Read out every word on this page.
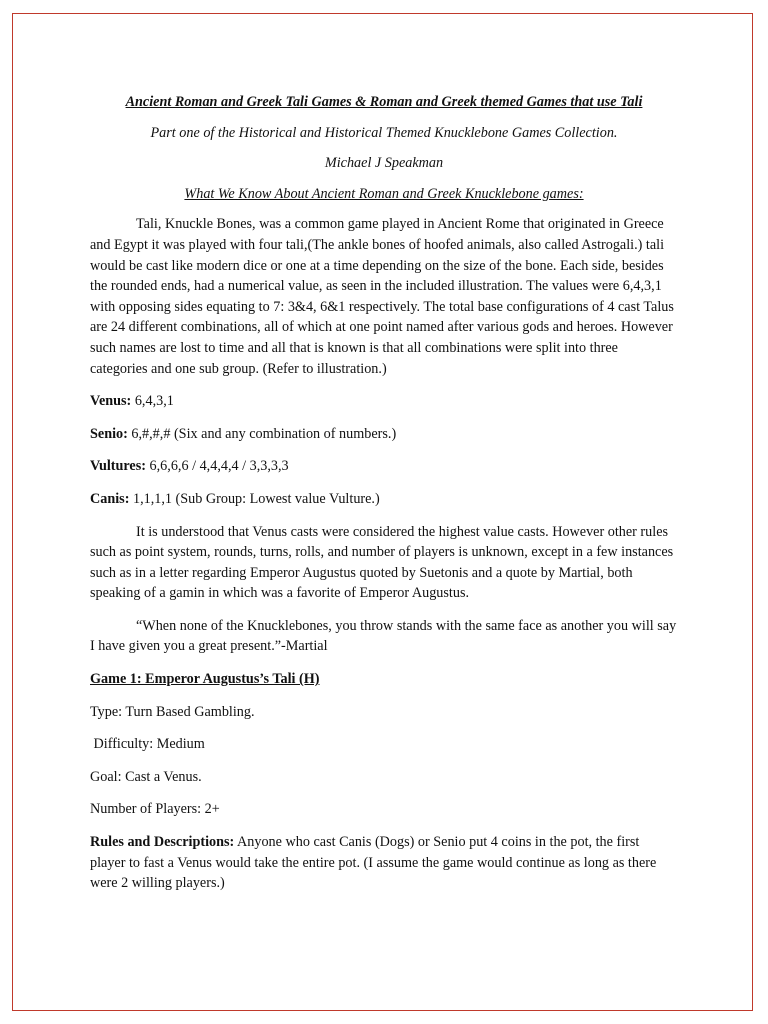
Ancient Roman and Greek Tali Games & Roman and Greek themed Games that use Tali

Part one of the Historical and Historical Themed Knucklebone Games Collection.

Michael J Speakman

What We Know About Ancient Roman and Greek Knucklebone games:

Tali, Knuckle Bones, was a common game played in Ancient Rome that originated in Greece and Egypt it was played with four tali,(The ankle bones of hoofed animals, also called Astrogali.) tali would be cast like modern dice or one at a time depending on the size of the bone. Each side, besides the rounded ends, had a numerical value, as seen in the included illustration. The values were 6,4,3,1 with opposing sides equating to 7: 3&4, 6&1 respectively. The total base configurations of 4 cast Talus are 24 different combinations, all of which at one point named after various gods and heroes. However such names are lost to time and all that is known is that all combinations were split into three categories and one sub group. (Refer to illustration.)

Venus: 6,4,3,1

Senio: 6,#,#,# (Six and any combination of numbers.)

Vultures: 6,6,6,6 / 4,4,4,4 / 3,3,3,3

Canis: 1,1,1,1 (Sub Group: Lowest value Vulture.)

It is understood that Venus casts were considered the highest value casts. However other rules such as point system, rounds, turns, rolls, and number of players is unknown, except in a few instances such as in a letter regarding Emperor Augustus quoted by Suetonis and a quote by Martial, both speaking of a gamin in which was a favorite of Emperor Augustus.

“When none of the Knucklebones, you throw stands with the same face as another you will say I have given you a great present.”-Martial

Game 1: Emperor Augustus’s Tali (H)

Type: Turn Based Gambling.

Difficulty: Medium

Goal: Cast a Venus.

Number of Players: 2+

Rules and Descriptions: Anyone who cast Canis (Dogs) or Senio put 4 coins in the pot, the first player to fast a Venus would take the entire pot. (I assume the game would continue as long as there were 2 willing players.)
